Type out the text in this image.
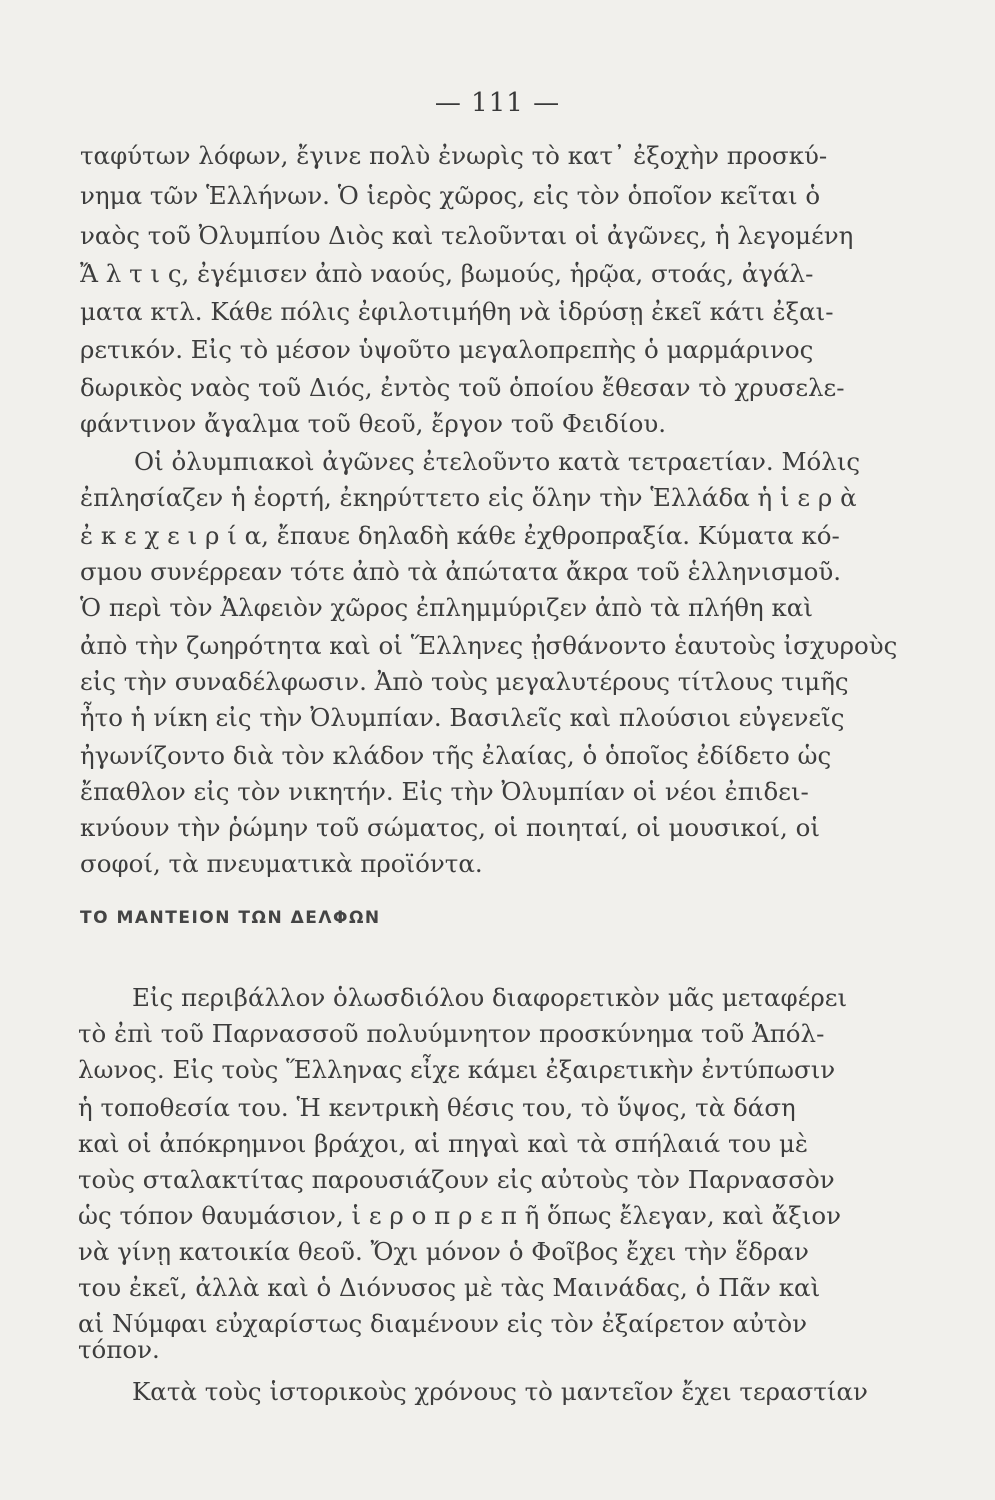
— 111 —
ταφύτων λόφων, ἔγινε πολὺ ἐνωρὶς τὸ κατ᾽ ἐξοχὴν προσκύ-
νημα τῶν Ἑλλήνων. Ὁ ἱερὸς χῶρος, εἰς τὸν ὁποῖον κεῖται ὁ
ναὸς τοῦ Ὀλυμπίου Διὸς καὶ τελοῦνται οἱ ἀγῶνες, ἡ λεγομένη
Ἄ λ τ ι ς, ἐγέμισεν ἀπὸ ναούς, βωμούς, ἡρῷα, στοάς, ἀγάλ-
ματα κτλ. Κάθε πόλις ἐφιλοτιμήθη νὰ ἱδρύσῃ ἐκεῖ κάτι ἐξαι-
ρετικόν. Εἰς τὸ μέσον ὑψοῦτο μεγαλοπρεπὴς ὁ μαρμάρινος
δωρικὸς ναὸς τοῦ Διός, ἐντὸς τοῦ ὁποίου ἔθεσαν τὸ χρυσελε-
φάντινον ἄγαλμα τοῦ θεοῦ, ἔργον τοῦ Φειδίου.
Οἱ ὀλυμπιακοὶ ἀγῶνες ἐτελοῦντο κατὰ τετραετίαν. Μόλις
ἐπλησίαζεν ἡ ἑορτή, ἐκηρύττετο εἰς ὅλην τὴν Ἑλλάδα ἡ ἱ ε ρ ὰ
ἐ κ ε χ ε ι ρ ί α, ἔπαυε δηλαδὴ κάθε ἐχθροπραξία. Κύματα κό-
σμου συνέρρεαν τότε ἀπὸ τὰ ἀπώτατα ἄκρα τοῦ ἑλληνισμοῦ.
Ὁ περὶ τὸν Ἀλφειὸν χῶρος ἐπλημμύριζεν ἀπὸ τὰ πλήθη καὶ
ἀπὸ τὴν ζωηρότητα καὶ οἱ Ἕλληνες ᾐσθάνοντο ἑαυτοὺς ἰσχυροὺς
εἰς τὴν συναδέλφωσιν. Ἀπὸ τοὺς μεγαλυτέρους τίτλους τιμῆς
ἦτο ἡ νίκη εἰς τὴν Ὀλυμπίαν. Βασιλεῖς καὶ πλούσιοι εὐγενεῖς
ἠγωνίζοντο διὰ τὸν κλάδον τῆς ἐλαίας, ὁ ὁποῖος ἐδίδετο ὡς
ἔπαθλον εἰς τὸν νικητήν. Εἰς τὴν Ὀλυμπίαν οἱ νέοι ἐπιδει-
κνύουν τὴν ῥώμην τοῦ σώματος, οἱ ποιηταί, οἱ μουσικοί, οἱ
σοφοί, τὰ πνευματικὰ προϊόντα.
ΤΟ ΜΑΝΤΕΙΟΝ ΤΩΝ ΔΕΛΦΩΝ
Εἰς περιβάλλον ὁλωσδιόλου διαφορετικὸν μᾶς μεταφέρει
τὸ ἐπὶ τοῦ Παρνασσοῦ πολυύμνητον προσκύνημα τοῦ Ἀπόλ-
λωνος. Εἰς τοὺς Ἕλληνας εἶχε κάμει ἐξαιρετικὴν ἐντύπωσιν
ἡ τοποθεσία του. Ἡ κεντρικὴ θέσις του, τὸ ὕψος, τὰ δάση
καὶ οἱ ἀπόκρημνοι βράχοι, αἱ πηγαὶ καὶ τὰ σπήλαιά του μὲ
τοὺς σταλακτίτας παρουσιάζουν εἰς αὐτοὺς τὸν Παρνασσὸν
ὡς τόπον θαυμάσιον, ἱ ε ρ ο π ρ ε π ῆ ὅπως ἔλεγαν, καὶ ἄξιον
νὰ γίνῃ κατοικία θεοῦ. Ὄχι μόνον ὁ Φοῖβος ἔχει τὴν ἕδραν
του ἐκεῖ, ἀλλὰ καὶ ὁ Διόνυσος μὲ τὰς Μαινάδας, ὁ Πᾶν καὶ
αἱ Νύμφαι εὐχαρίστως διαμένουν εἰς τὸν ἐξαίρετον αὐτὸν
τόπον.
Κατὰ τοὺς ἱστορικοὺς χρόνους τὸ μαντεῖον ἔχει τεραστίαν
